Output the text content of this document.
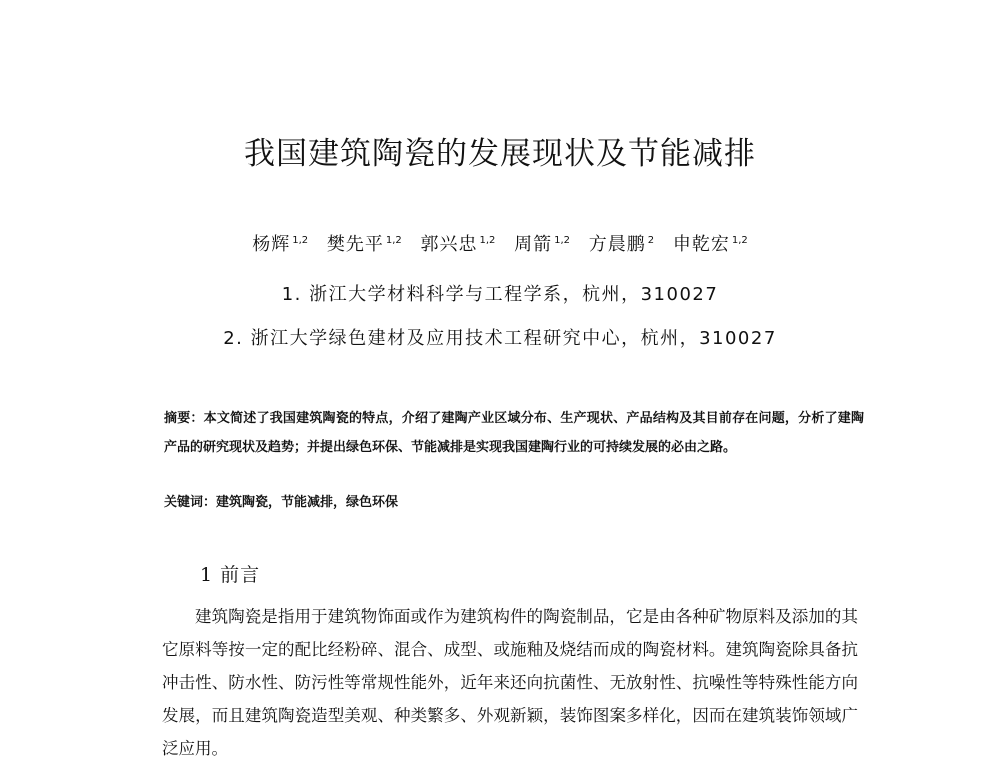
我国建筑陶瓷的发展现状及节能减排
杨辉 $^{1,2}$ 樊先平 $^{1,2}$ 郭兴忠 $^{1,2}$ 周箭 $^{1,2}$ 方晨鹏 $^2$ 申乾宏 $^{1,2}$
1. 浙江大学材料科学与工程学系，杭州，310027
2. 浙江大学绿色建材及应用技术工程研究中心，杭州，310027
摘要：本文简述了我国建筑陶瓷的特点，介绍了建陶产业区域分布、生产现状、产品结构及其目前存在问题，分析了建陶产品的研究现状及趋势；并提出绿色环保、节能减排是实现我国建陶行业的可持续发展的必由之路。
关键词：建筑陶瓷，节能减排，绿色环保
1 前言
建筑陶瓷是指用于建筑物饰面或作为建筑构件的陶瓷制品，它是由各种矿物原料及添加的其它原料等按一定的配比经粉碎、混合、成型、或施釉及烧结而成的陶瓷材料。建筑陶瓷除具备抗冲击性、防水性、防污性等常规性能外，近年来还向抗菌性、无放射性、抗噪性等特殊性能方向发展，而且建筑陶瓷造型美观、种类繁多、外观新颖，装饰图案多样化，因而在建筑装饰领域广泛应用。
